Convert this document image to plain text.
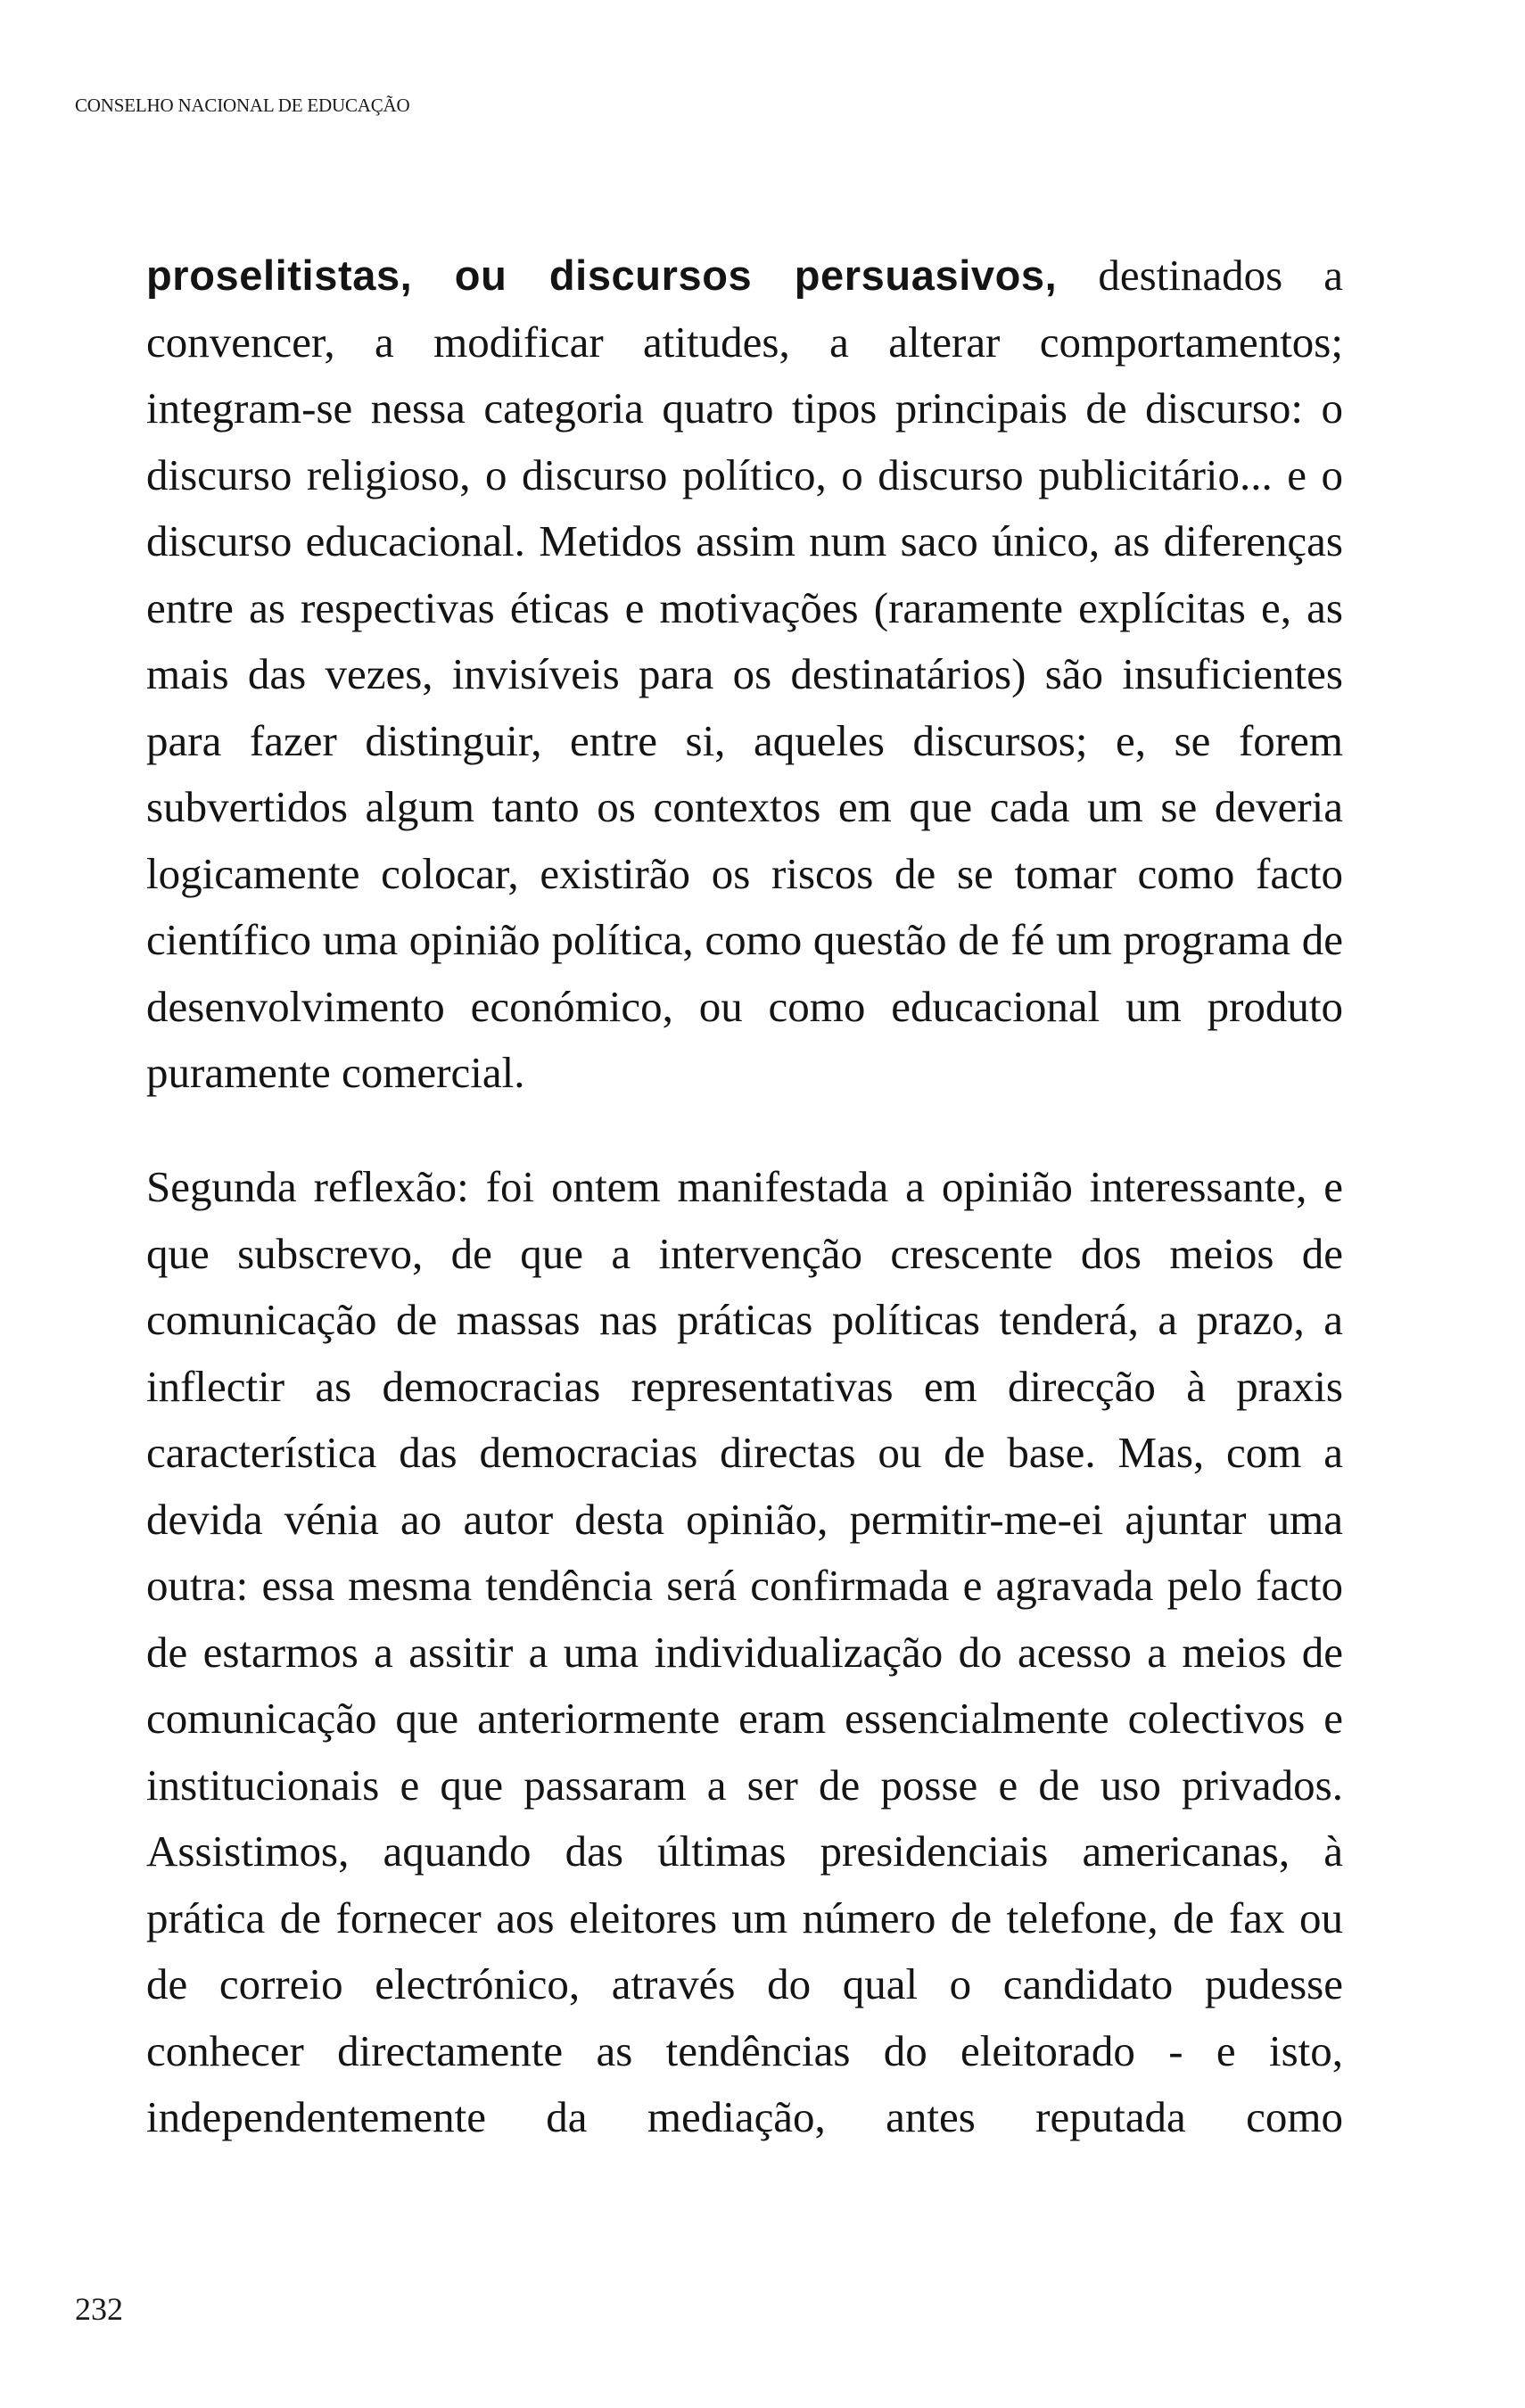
CONSELHO NACIONAL DE EDUCAÇÃO
proselitistas, ou discursos persuasivos, destinados a
convencer, a modificar atitudes, a alterar comportamentos;
integram-se nessa categoria quatro tipos principais de discurso: o
discurso religioso, o discurso político, o discurso publicitário... e o
discurso educacional. Metidos assim num saco único, as diferenças
entre as respectivas éticas e motivações (raramente explícitas e, as
mais das vezes, invisíveis para os destinatários) são insuficientes
para fazer distinguir, entre si, aqueles discursos; e, se forem
subvertidos algum tanto os contextos em que cada um se deveria
logicamente colocar, existirão os riscos de se tomar como facto
científico uma opinião política, como questão de fé um programa de
desenvolvimento económico, ou como educacional um produto
puramente comercial.
Segunda reflexão: foi ontem manifestada a opinião interessante, e
que subscrevo, de que a intervenção crescente dos meios de
comunicação de massas nas práticas políticas tenderá, a prazo, a
inflectir as democracias representativas em direcção à praxis
característica das democracias directas ou de base. Mas, com a
devida vénia ao autor desta opinião, permitir-me-ei ajuntar uma
outra: essa mesma tendência será confirmada e agravada pelo facto
de estarmos a assitir a uma individualização do acesso a meios de
comunicação que anteriormente eram essencialmente colectivos e
institucionais e que passaram a ser de posse e de uso privados.
Assistimos, aquando das últimas presidenciais americanas, à
prática de fornecer aos eleitores um número de telefone, de fax ou
de correio electrónico, através do qual o candidato pudesse
conhecer directamente as tendências do eleitorado - e isto,
independentemente da mediação, antes reputada como
232
